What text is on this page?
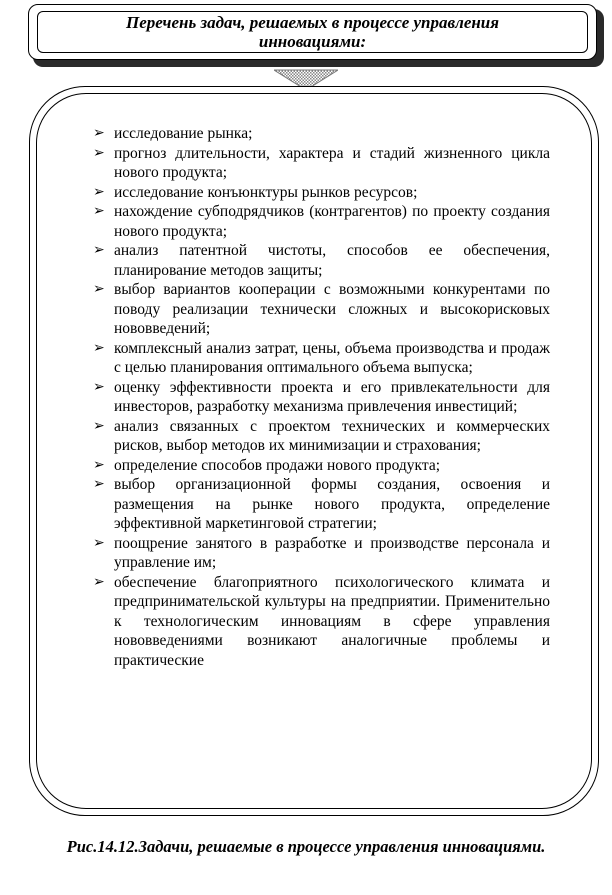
Перечень задач, решаемых в процессе управления инновациями:
➢ исследование рынка;
➢ прогноз длительности, характера и стадий жизненного цикла нового продукта;
➢ исследование конъюнктуры рынков ресурсов;
➢ нахождение субподрядчиков (контрагентов) по проекту создания нового продукта;
➢ анализ патентной чистоты, способов ее обеспечения, планирование методов защиты;
➢ выбор вариантов кооперации с возможными конкурентами по поводу реализации технически сложных и высокорисковых нововведений;
➢ комплексный анализ затрат, цены, объема производства и продаж с целью планирования оптимального объема выпуска;
➢ оценку эффективности проекта и его привлекательности для инвесторов, разработку механизма привлечения инвестиций;
➢ анализ связанных с проектом технических и коммерческих рисков, выбор методов их минимизации и страхования;
➢ определение способов продажи нового продукта;
➢ выбор организационной формы создания, освоения и размещения на рынке нового продукта, определение эффективной маркетинговой стратегии;
➢ поощрение занятого в разработке и производстве персонала и управление им;
➢ обеспечение благоприятного психологического климата и предпринимательской культуры на предприятии. Применительно к технологическим инновациям в сфере управления нововведениями возникают аналогичные проблемы и практические
Рис.14.12.Задачи, решаемые в процессе управления инновациями.
